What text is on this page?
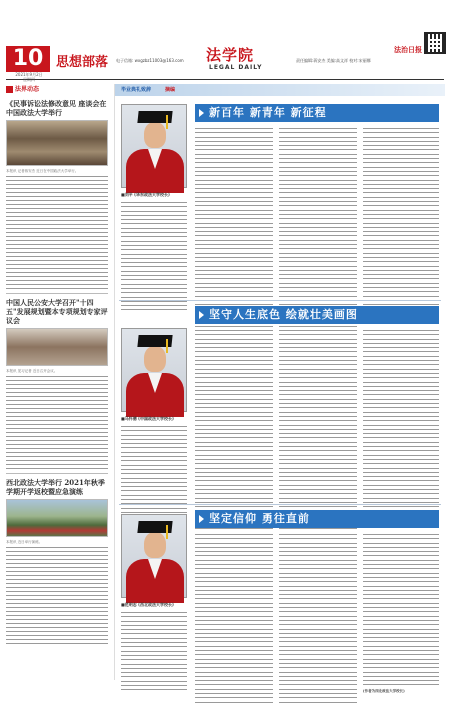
10
2021年9月2日
星期四
思想部落 电子信箱: wxgzbz11003@163.com 法学院
LEGAL DAILY
责任编辑:蒋安杰 美编:高文祥 校对:宋丽娜
法治日报
法界动态
《民事诉讼法修改意见 座谈会在中国政法大学举行
本报讯 记者蒋安杰 近日在中国政法大学举行。
中国人民公安大学召开"十四五"发展规划暨本专项规划专家评议会
本报讯 见习记者 近日召开会议。
西北政法大学举行 2021年秋季学期开学返校暨应急演练
本报讯 近日举行演练。
毕业典礼致辞	摘编
■刘平 (华东政法大学校长)
新百年 新青年 新征程
坚守人生底色 绘就壮美画图
■马怀德 (中国政法大学校长)
坚定信仰 勇往直前
■范明志 (西北政法大学校长)
(作者为西北政法大学校长)
